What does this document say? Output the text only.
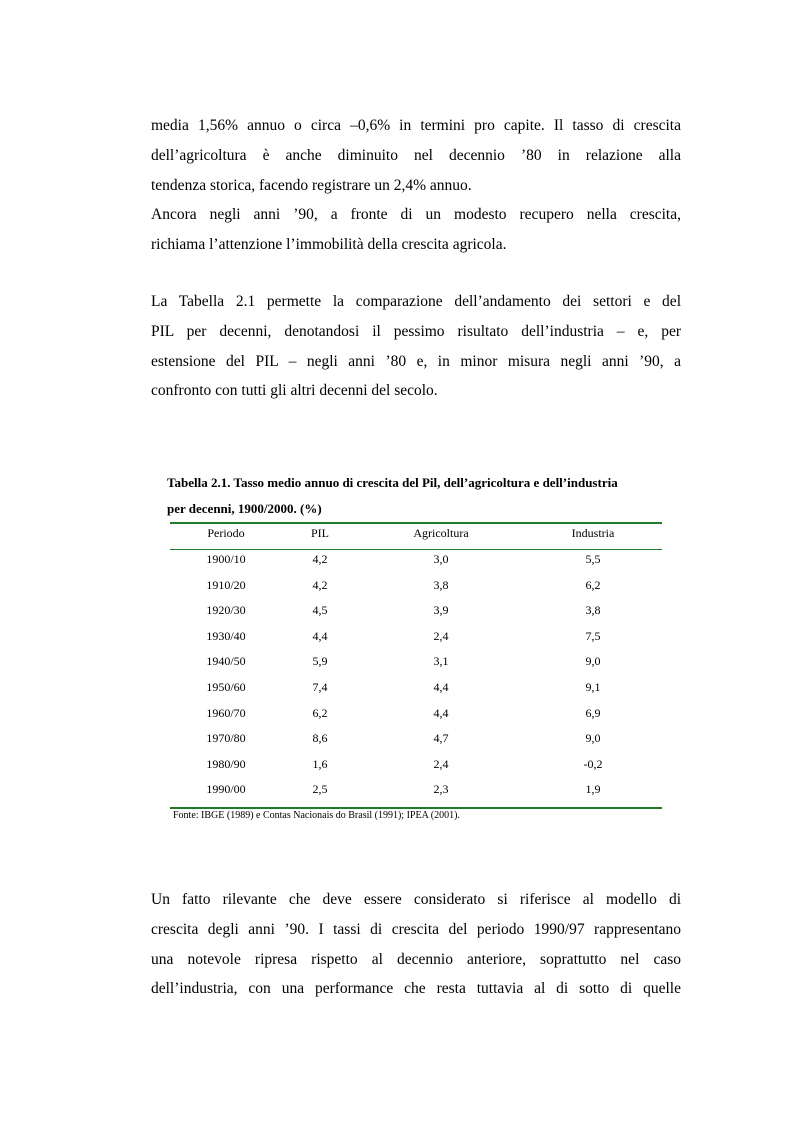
media 1,56% annuo o circa –0,6% in termini pro capite. Il tasso di crescita
dell’agricoltura è anche diminuito nel decennio ’80 in relazione alla
tendenza storica, facendo registrare un 2,4% annuo.
Ancora negli anni ’90, a fronte di un modesto recupero nella crescita,
richiama l’attenzione l’immobilità della crescita agricola.
La Tabella 2.1 permette la comparazione dell’andamento dei settori e del
PIL per decenni, denotandosi il pessimo risultato dell’industria – e, per
estensione del PIL – negli anni ’80 e, in minor misura negli anni ’90, a
confronto con tutti gli altri decenni del secolo.
Tabella 2.1. Tasso medio annuo di crescita del Pil, dell’agricoltura e dell’industria
per decenni, 1900/2000. (%)
Periodo	PIL	Agricoltura	Industria
1900/10	4,2	3,0	5,5
1910/20	4,2	3,8	6,2
1920/30	4,5	3,9	3,8
1930/40	4,4	2,4	7,5
1940/50	5,9	3,1	9,0
1950/60	7,4	4,4	9,1
1960/70	6,2	4,4	6,9
1970/80	8,6	4,7	9,0
1980/90	1,6	2,4	-0,2
1990/00	2,5	2,3	1,9
Fonte: IBGE (1989) e Contas Nacionais do Brasil (1991); IPEA (2001).
Un fatto rilevante che deve essere considerato si riferisce al modello di
crescita degli anni ’90. I tassi di crescita del periodo 1990/97 rappresentano
una notevole ripresa rispetto al decennio anteriore, soprattutto nel caso
dell’industria, con una performance che resta tuttavia al di sotto di quelle
